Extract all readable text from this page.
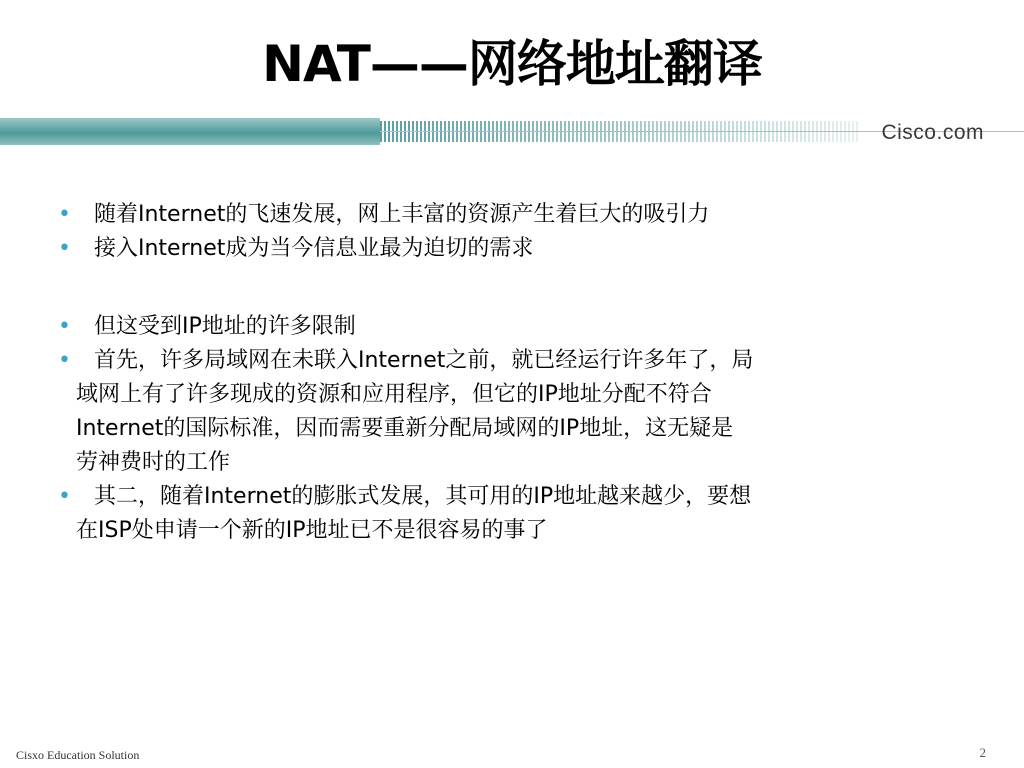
NAT——网络地址翻译
Cisco.com
• 随着Internet的飞速发展，网上丰富的资源产生着巨大的吸引力
• 接入Internet成为当今信息业最为迫切的需求
• 但这受到IP地址的许多限制
• 首先，许多局域网在未联入Internet之前，就已经运行许多年了，局
域网上有了许多现成的资源和应用程序，但它的IP地址分配不符合
Internet的国际标准，因而需要重新分配局域网的IP地址，这无疑是
劳神费时的工作
• 其二，随着Internet的膨胀式发展，其可用的IP地址越来越少，要想
在ISP处申请一个新的IP地址已不是很容易的事了
Cisxo Education Solution	2
